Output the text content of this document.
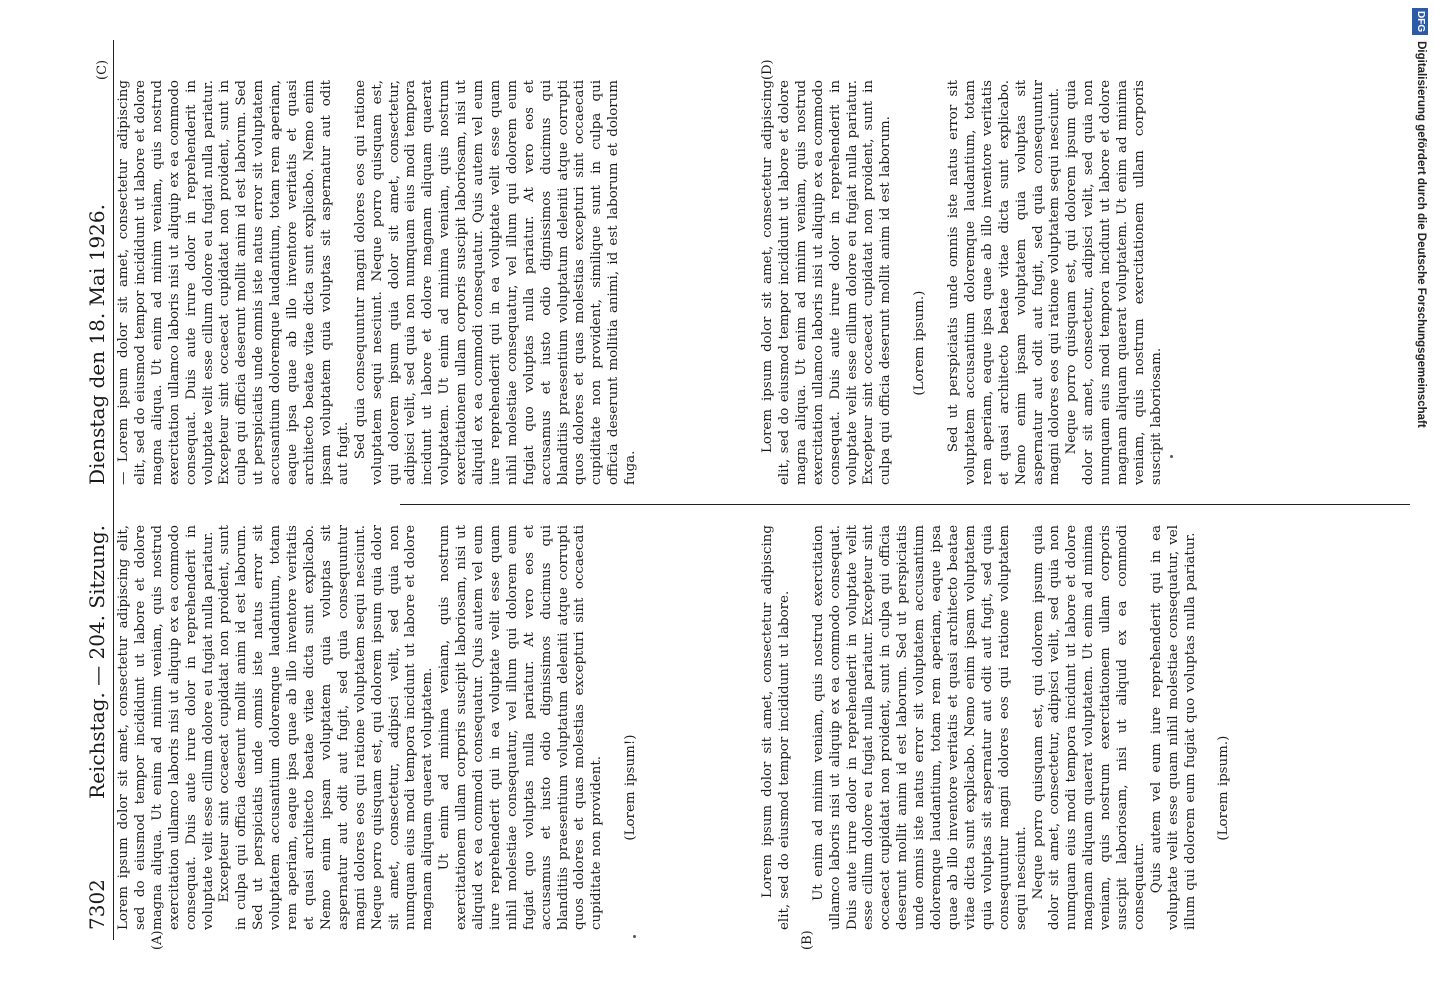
7302
Reichstag. — 204. Sitzung.
Dienstag den 18. Mai 1926.
(A)	(B)
(C)	(D)
Lorem ipsum dolor sit amet, consectetur adipiscing elit, sed do eiusmod tempor incididunt ut labore et dolore magna aliqua. Ut enim ad minim veniam, quis nostrud exercitation ullamco laboris nisi ut aliquip ex ea commodo consequat. Duis aute irure dolor in reprehenderit in voluptate velit esse cillum dolore eu fugiat nulla pariatur.
Excepteur sint occaecat cupidatat non proident, sunt in culpa qui officia deserunt mollit anim id est laborum. Sed ut perspiciatis unde omnis iste natus error sit voluptatem accusantium doloremque laudantium, totam rem aperiam, eaque ipsa quae ab illo inventore veritatis et quasi architecto beatae vitae dicta sunt explicabo. Nemo enim ipsam voluptatem quia voluptas sit aspernatur aut odit aut fugit, sed quia consequuntur magni dolores eos qui ratione voluptatem sequi nesciunt. Neque porro quisquam est, qui dolorem ipsum quia dolor sit amet, consectetur, adipisci velit, sed quia non numquam eius modi tempora incidunt ut labore et dolore magnam aliquam quaerat voluptatem.
Ut enim ad minima veniam, quis nostrum exercitationem ullam corporis suscipit laboriosam, nisi ut aliquid ex ea commodi consequatur. Quis autem vel eum iure reprehenderit qui in ea voluptate velit esse quam nihil molestiae consequatur, vel illum qui dolorem eum fugiat quo voluptas nulla pariatur. At vero eos et accusamus et iusto odio dignissimos ducimus qui blanditiis praesentium voluptatum deleniti atque corrupti quos dolores et quas molestias excepturi sint occaecati cupiditate non provident.

(Lorem ipsum!)
Lorem ipsum dolor sit amet, consectetur adipiscing elit, sed do eiusmod tempor incididunt ut labore.

Ut enim ad minim veniam, quis nostrud exercitation ullamco laboris nisi ut aliquip ex ea commodo consequat. Duis aute irure dolor in reprehenderit in voluptate velit esse cillum dolore eu fugiat nulla pariatur. Excepteur sint occaecat cupidatat non proident, sunt in culpa qui officia deserunt mollit anim id est laborum. Sed ut perspiciatis unde omnis iste natus error sit voluptatem accusantium doloremque laudantium, totam rem aperiam, eaque ipsa quae ab illo inventore veritatis et quasi architecto beatae vitae dicta sunt explicabo. Nemo enim ipsam voluptatem quia voluptas sit aspernatur aut odit aut fugit, sed quia consequuntur magni dolores eos qui ratione voluptatem sequi nesciunt.
Neque porro quisquam est, qui dolorem ipsum quia dolor sit amet, consectetur, adipisci velit, sed quia non numquam eius modi tempora incidunt ut labore et dolore magnam aliquam quaerat voluptatem. Ut enim ad minima veniam, quis nostrum exercitationem ullam corporis suscipit laboriosam, nisi ut aliquid ex ea commodi consequatur.
Quis autem vel eum iure reprehenderit qui in ea voluptate velit esse quam nihil molestiae consequatur, vel illum qui dolorem eum fugiat quo voluptas nulla pariatur.

(Lorem ipsum.)
— Lorem ipsum dolor sit amet, consectetur adipiscing elit, sed do eiusmod tempor incididunt ut labore et dolore magna aliqua. Ut enim ad minim veniam, quis nostrud exercitation ullamco laboris nisi ut aliquip ex ea commodo consequat. Duis aute irure dolor in reprehenderit in voluptate velit esse cillum dolore eu fugiat nulla pariatur. Excepteur sint occaecat cupidatat non proident, sunt in culpa qui officia deserunt mollit anim id est laborum. Sed ut perspiciatis unde omnis iste natus error sit voluptatem accusantium doloremque laudantium, totam rem aperiam, eaque ipsa quae ab illo inventore veritatis et quasi architecto beatae vitae dicta sunt explicabo. Nemo enim ipsam voluptatem quia voluptas sit aspernatur aut odit aut fugit.
Sed quia consequuntur magni dolores eos qui ratione voluptatem sequi nesciunt. Neque porro quisquam est, qui dolorem ipsum quia dolor sit amet, consectetur, adipisci velit, sed quia non numquam eius modi tempora incidunt ut labore et dolore magnam aliquam quaerat voluptatem. Ut enim ad minima veniam, quis nostrum exercitationem ullam corporis suscipit laboriosam, nisi ut aliquid ex ea commodi consequatur. Quis autem vel eum iure reprehenderit qui in ea voluptate velit esse quam nihil molestiae consequatur, vel illum qui dolorem eum fugiat quo voluptas nulla pariatur. At vero eos et accusamus et iusto odio dignissimos ducimus qui blanditiis praesentium voluptatum deleniti atque corrupti quos dolores et quas molestias excepturi sint occaecati cupiditate non provident, similique sunt in culpa qui officia deserunt mollitia animi, id est laborum et dolorum fuga.
Lorem ipsum dolor sit amet, consectetur adipiscing elit, sed do eiusmod tempor incididunt ut labore et dolore magna aliqua. Ut enim ad minim veniam, quis nostrud exercitation ullamco laboris nisi ut aliquip ex ea commodo consequat. Duis aute irure dolor in reprehenderit in voluptate velit esse cillum dolore eu fugiat nulla pariatur. Excepteur sint occaecat cupidatat non proident, sunt in culpa qui officia deserunt mollit anim id est laborum.

(Lorem ipsum.)

Sed ut perspiciatis unde omnis iste natus error sit voluptatem accusantium doloremque laudantium, totam rem aperiam, eaque ipsa quae ab illo inventore veritatis et quasi architecto beatae vitae dicta sunt explicabo. Nemo enim ipsam voluptatem quia voluptas sit aspernatur aut odit aut fugit, sed quia consequuntur magni dolores eos qui ratione voluptatem sequi nesciunt.
Neque porro quisquam est, qui dolorem ipsum quia dolor sit amet, consectetur, adipisci velit, sed quia non numquam eius modi tempora incidunt ut labore et dolore magnam aliquam quaerat voluptatem. Ut enim ad minima veniam, quis nostrum exercitationem ullam corporis suscipit laboriosam.
DFGDigitalisierung gefördert durch die Deutsche Forschungsgemeinschaft
